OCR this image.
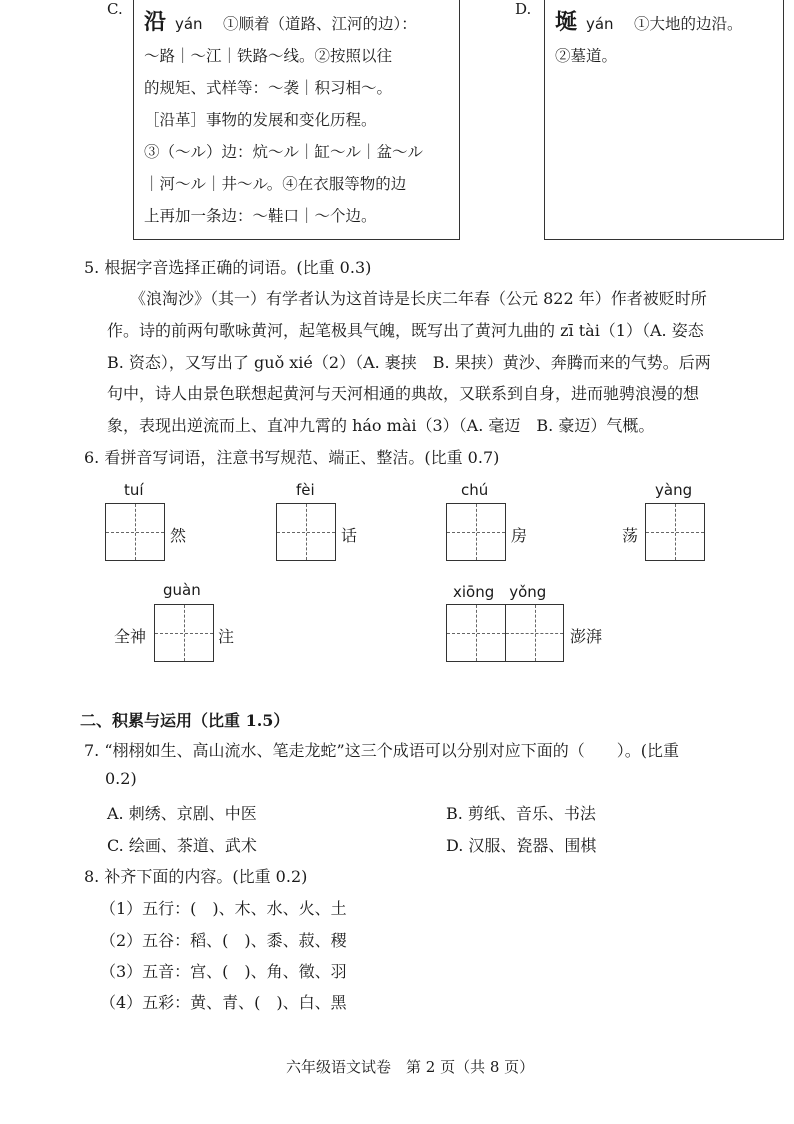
C. 沿 yán 　①顺着（道路、江河的边）：
～路｜～江｜铁路～线。②按照以往
的规矩、式样等：～袭｜积习相～。
［沿革］事物的发展和变化历程。
③（～ル）边：炕～ル｜缸～ル｜盆～ル
｜河～ル｜井～ル。④在衣服等物的边
上再加一条边：～鞋口｜～个边。
D. 埏 yán 　①大地的边沿。
②墓道。
5. 根据字音选择正确的词语。(比重 0.3)
《浪淘沙》（其一）有学者认为这首诗是长庆二年春（公元 822 年）作者被贬时所
作。诗的前两句歌咏黄河，起笔极具气魄，既写出了黄河九曲的 zī tài（1）（A. 姿态
B. 资态），又写出了 guǒ xié（2）（A. 裹挟　B. 果挟）黄沙、奔腾而来的气势。后两
句中，诗人由景色联想起黄河与天河相通的典故，又联系到自身，进而驰骋浪漫的想
象，表现出逆流而上、直冲九霄的 háo mài（3）（A. 毫迈　B. 豪迈）气概。
6. 看拼音写词语，注意书写规范、端正、整洁。(比重 0.7)
tuí
然
fèi
话
chú
房
yàng
荡
guàn
全神	注
xiōng　yǒng
澎湃
二、积累与运用（比重 1.5）
7. “栩栩如生、高山流水、笔走龙蛇”这三个成语可以分别对应下面的（　　）。(比重
0.2)
A. 刺绣、京剧、中医	B. 剪纸、音乐、书法
C. 绘画、茶道、武术	D. 汉服、瓷器、围棋
8. 补齐下面的内容。(比重 0.2)
（1）五行：(　)、木、水、火、土
（2）五谷：稻、(　)、黍、菽、稷
（3）五音：宫、(　)、角、徵、羽
（4）五彩：黄、青、(　)、白、黑
六年级语文试卷　第 2 页（共 8 页）
